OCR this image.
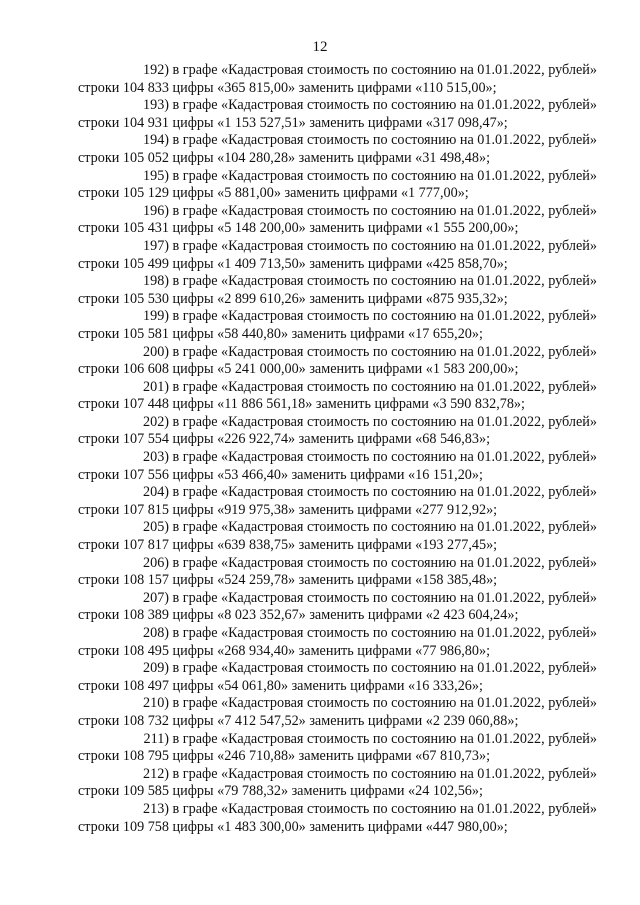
12

192) в графе «Кадастровая стоимость по состоянию на 01.01.2022, рублей»
строки 104 833 цифры «365 815,00» заменить цифрами «110 515,00»;

193) в графе «Кадастровая стоимость по состоянию на 01.01.2022, рублей»
строки 104 931 цифры «1 153 527,51» заменить цифрами «317 098,47»;

194) в графе «Кадастровая стоимость по состоянию на 01.01.2022, рублей»
строки 105 052 цифры «104 280,28» заменить цифрами «31 498,48»;

195) в графе «Кадастровая стоимость по состоянию на 01.01.2022, рублей»
строки 105 129 цифры «5 881,00» заменить цифрами «1 777,00»;

196) в графе «Кадастровая стоимость по состоянию на 01.01.2022, рублей»
строки 105 431 цифры «5 148 200,00» заменить цифрами «1 555 200,00»;

197) в графе «Кадастровая стоимость по состоянию на 01.01.2022, рублей»
строки 105 499 цифры «1 409 713,50» заменить цифрами «425 858,70»;

198) в графе «Кадастровая стоимость по состоянию на 01.01.2022, рублей»
строки 105 530 цифры «2 899 610,26» заменить цифрами «875 935,32»;

199) в графе «Кадастровая стоимость по состоянию на 01.01.2022, рублей»
строки 105 581 цифры «58 440,80» заменить цифрами «17 655,20»;

200) в графе «Кадастровая стоимость по состоянию на 01.01.2022, рублей»
строки 106 608 цифры «5 241 000,00» заменить цифрами «1 583 200,00»;

201) в графе «Кадастровая стоимость по состоянию на 01.01.2022, рублей»
строки 107 448 цифры «11 886 561,18» заменить цифрами «3 590 832,78»;

202) в графе «Кадастровая стоимость по состоянию на 01.01.2022, рублей»
строки 107 554 цифры «226 922,74» заменить цифрами «68 546,83»;

203) в графе «Кадастровая стоимость по состоянию на 01.01.2022, рублей»
строки 107 556 цифры «53 466,40» заменить цифрами «16 151,20»;

204) в графе «Кадастровая стоимость по состоянию на 01.01.2022, рублей»
строки 107 815 цифры «919 975,38» заменить цифрами «277 912,92»;

205) в графе «Кадастровая стоимость по состоянию на 01.01.2022, рублей»
строки 107 817 цифры «639 838,75» заменить цифрами «193 277,45»;

206) в графе «Кадастровая стоимость по состоянию на 01.01.2022, рублей»
строки 108 157 цифры «524 259,78» заменить цифрами «158 385,48»;

207) в графе «Кадастровая стоимость по состоянию на 01.01.2022, рублей»
строки 108 389 цифры «8 023 352,67» заменить цифрами «2 423 604,24»;

208) в графе «Кадастровая стоимость по состоянию на 01.01.2022, рублей»
строки 108 495 цифры «268 934,40» заменить цифрами «77 986,80»;

209) в графе «Кадастровая стоимость по состоянию на 01.01.2022, рублей»
строки 108 497 цифры «54 061,80» заменить цифрами «16 333,26»;

210) в графе «Кадастровая стоимость по состоянию на 01.01.2022, рублей»
строки 108 732 цифры «7 412 547,52» заменить цифрами «2 239 060,88»;

211) в графе «Кадастровая стоимость по состоянию на 01.01.2022, рублей»
строки 108 795 цифры «246 710,88» заменить цифрами «67 810,73»;

212) в графе «Кадастровая стоимость по состоянию на 01.01.2022, рублей»
строки 109 585 цифры «79 788,32» заменить цифрами «24 102,56»;

213) в графе «Кадастровая стоимость по состоянию на 01.01.2022, рублей»
строки 109 758 цифры «1 483 300,00» заменить цифрами «447 980,00»;
